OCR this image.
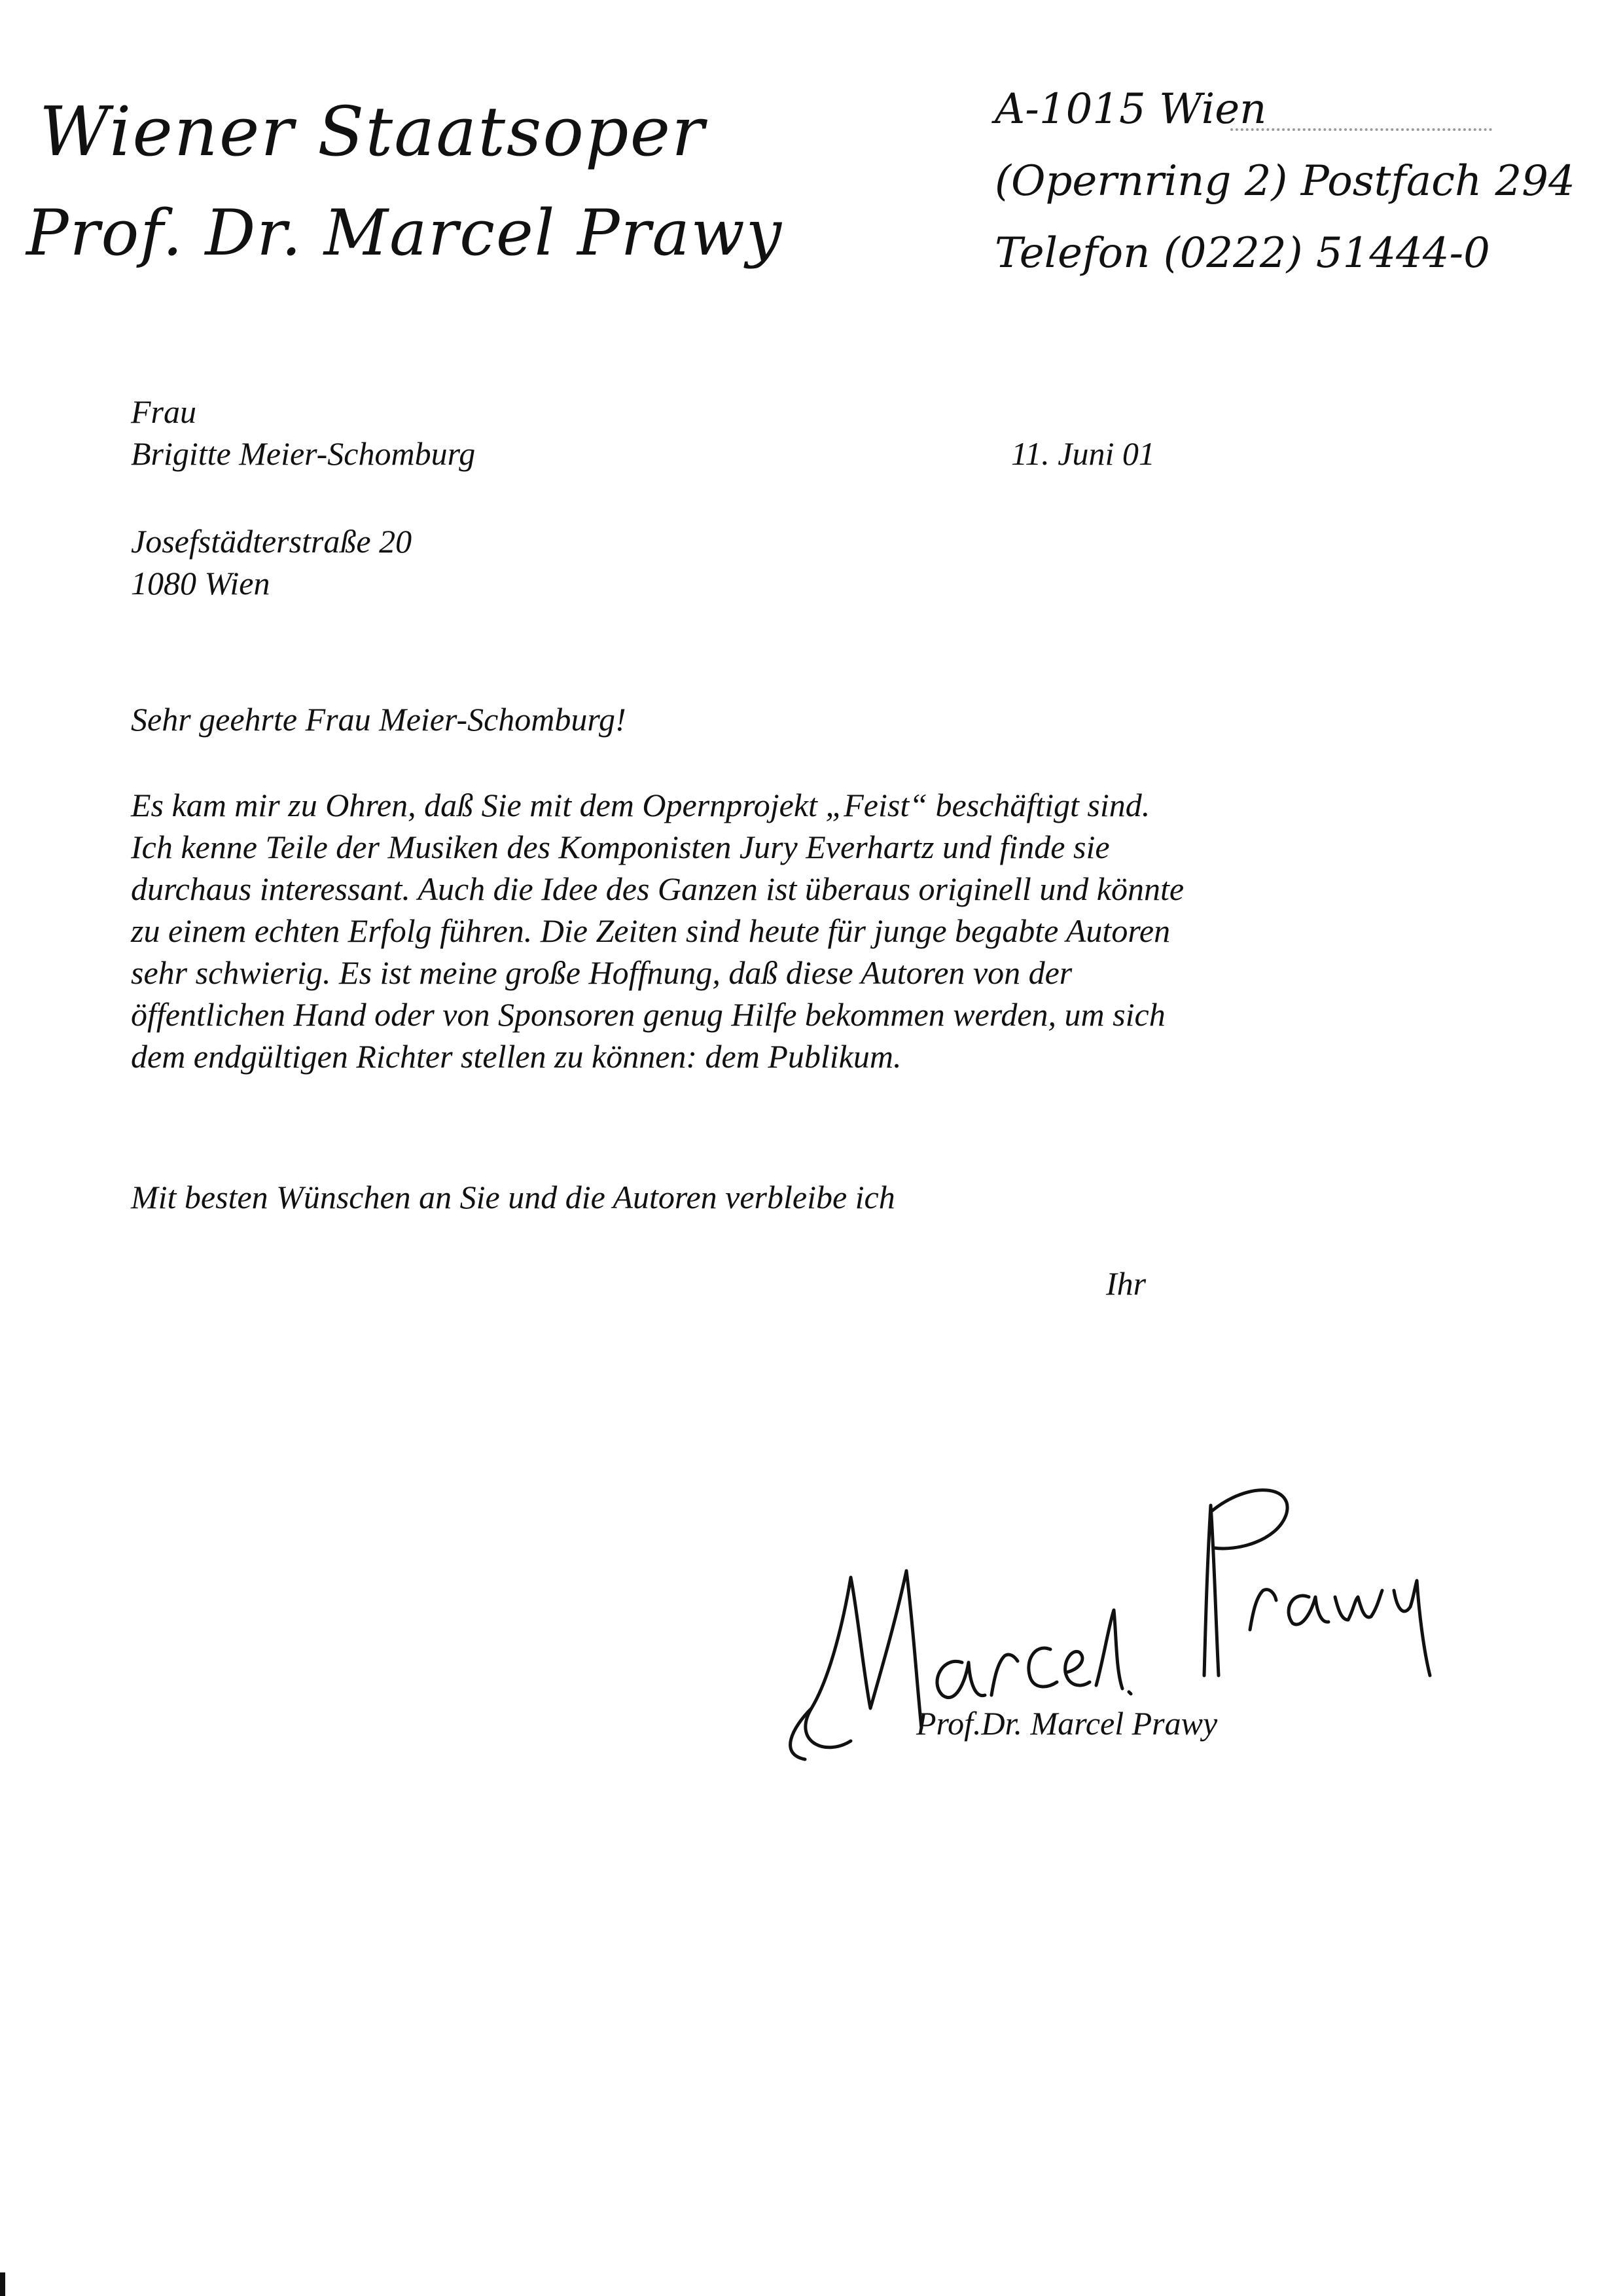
Wiener Staatsoper
Prof. Dr. Marcel Prawy
A-1015 Wien
(Opernring 2) Postfach 294
Telefon (0222) 51444-0
Frau
Brigitte Meier-Schomburg	11. Juni 01
Josefstädterstraße 20
1080 Wien
Sehr geehrte Frau Meier-Schomburg!
Es kam mir zu Ohren, daß Sie mit dem Opernprojekt „Feist“ beschäftigt sind.
Ich kenne Teile der Musiken des Komponisten Jury Everhartz und finde sie
durchaus interessant. Auch die Idee des Ganzen ist überaus originell und könnte
zu einem echten Erfolg führen. Die Zeiten sind heute für junge begabte Autoren
sehr schwierig. Es ist meine große Hoffnung, daß diese Autoren von der
öffentlichen Hand oder von Sponsoren genug Hilfe bekommen werden, um sich
dem endgültigen Richter stellen zu können: dem Publikum.
Mit besten Wünschen an Sie und die Autoren verbleibe ich
Ihr
Prof.Dr. Marcel Prawy
